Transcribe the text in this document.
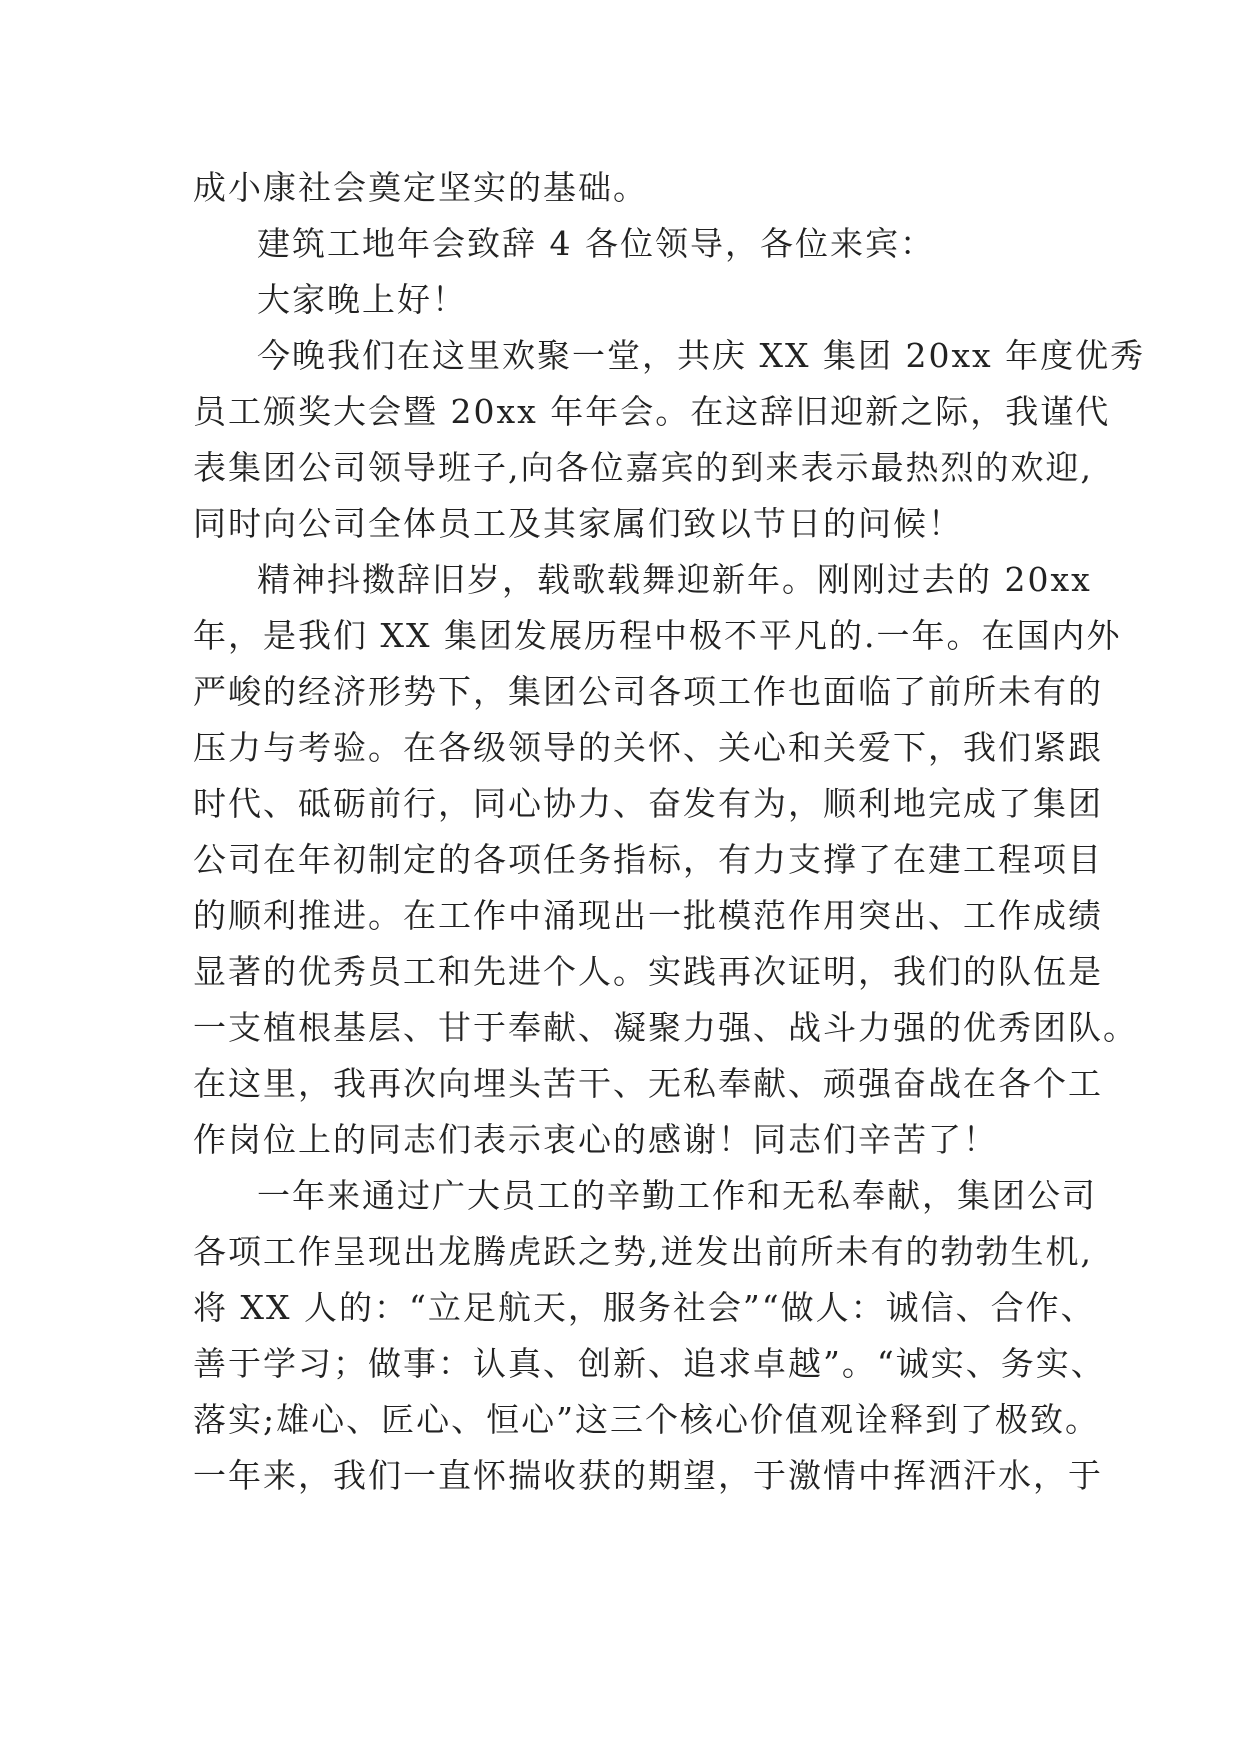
成小康社会奠定坚实的基础。
建筑工地年会致辞 4 各位领导，各位来宾：
大家晚上好！
今晚我们在这里欢聚一堂，共庆 XX 集团 20xx 年度优秀
员工颁奖大会暨 20xx 年年会。在这辞旧迎新之际，我谨代
表集团公司领导班子,向各位嘉宾的到来表示最热烈的欢迎,
同时向公司全体员工及其家属们致以节日的问候！
精神抖擞辞旧岁，载歌载舞迎新年。刚刚过去的 20xx
年，是我们 XX 集团发展历程中极不平凡的.一年。在国内外
严峻的经济形势下，集团公司各项工作也面临了前所未有的
压力与考验。在各级领导的关怀、关心和关爱下，我们紧跟
时代、砥砺前行，同心协力、奋发有为，顺利地完成了集团
公司在年初制定的各项任务指标，有力支撑了在建工程项目
的顺利推进。在工作中涌现出一批模范作用突出、工作成绩
显著的优秀员工和先进个人。实践再次证明，我们的队伍是
一支植根基层、甘于奉献、凝聚力强、战斗力强的优秀团队。
在这里，我再次向埋头苦干、无私奉献、顽强奋战在各个工
作岗位上的同志们表示衷心的感谢！同志们辛苦了！
一年来通过广大员工的辛勤工作和无私奉献，集团公司
各项工作呈现出龙腾虎跃之势,迸发出前所未有的勃勃生机,
将 XX 人的：“立足航天，服务社会”“做人：诚信、合作、
善于学习；做事：认真、创新、追求卓越”。“诚实、务实、
落实;雄心、匠心、恒心”这三个核心价值观诠释到了极致。
一年来，我们一直怀揣收获的期望，于激情中挥洒汗水，于
